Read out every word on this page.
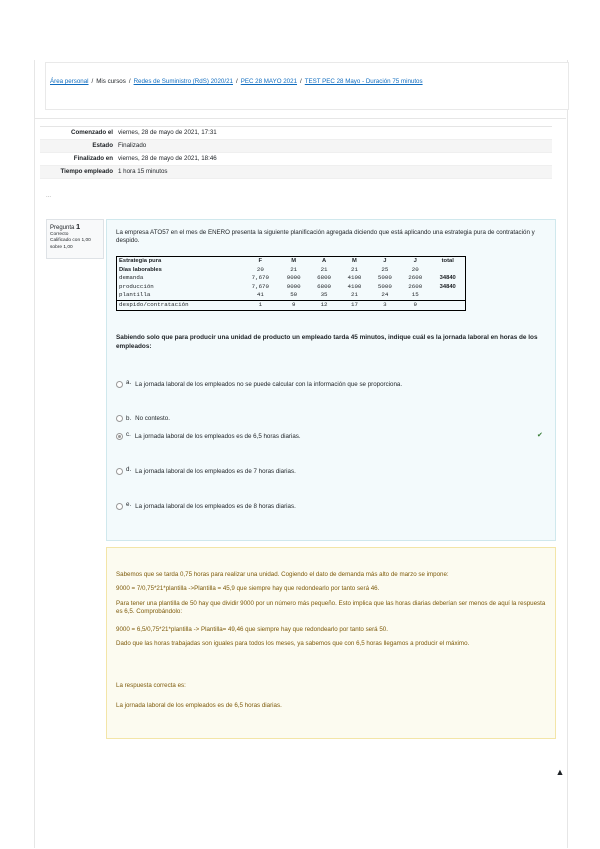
Área personal / Mis cursos / Redes de Suministro (RdS) 2020/21 / PEC 28 MAYO 2021 / TEST PEC 28 Mayo - Duración 75 minutos
Comenzado el viernes, 28 de mayo de 2021, 17:31
Estado Finalizado
Finalizado en viernes, 28 de mayo de 2021, 18:46
Tiempo empleado 1 hora 15 minutos
...
Pregunta 1
Correcto
Calificado con 1,00 sobre 1,00
La empresa ATO57 en el mes de ENERO presenta la siguiente planificación agregada diciendo que está aplicando una estrategia pura de contratación y despido.
Estrategia pura	F	M	A	M	J	J	total
Días laborables	20	21	21	21	25	20	
demanda	7,670	9000	6800	4100	5000	2600	34840
producción	7,670	9000	6800	4100	5000	2600	34840
plantilla	41	50	35	21	24	15	
despido/contratación	1	9	12	17	3	9	
Sabiendo solo que para producir una unidad de producto un empleado tarda 45 minutos, indique cuál es la jornada laboral en horas de los empleados:
a. La jornada laboral de los empleados no se puede calcular con la información que se proporciona.
b. No contesto.
c. La jornada laboral de los empleados es de 6,5 horas diarias.	✔
d. La jornada laboral de los empleados es de 7 horas diarias.
e. La jornada laboral de los empleados es de 8 horas diarias.
Sabemos que se tarda 0,75 horas para realizar una unidad. Cogiendo el dato de demanda más alto de marzo se impone:
9000 = 7/0,75*21*plantilla ->Plantilla = 45,9 que siempre hay que redondearlo por tanto será 46.
Para tener una plantilla de 50 hay que dividir 9000 por un número más pequeño. Esto implica que las horas diarias deberían ser menos de aquí la respuesta es 6,5. Comprobándolo:
9000 = 6,5/0,75*21*plantilla -> Plantilla= 49,46 que siempre hay que redondearlo por tanto será 50.
Dado que las horas trabajadas son iguales para todos los meses, ya sabemos que con 6,5 horas llegamos a producir el máximo.
La respuesta correcta es:
La jornada laboral de los empleados es de 6,5 horas diarias.
▲
